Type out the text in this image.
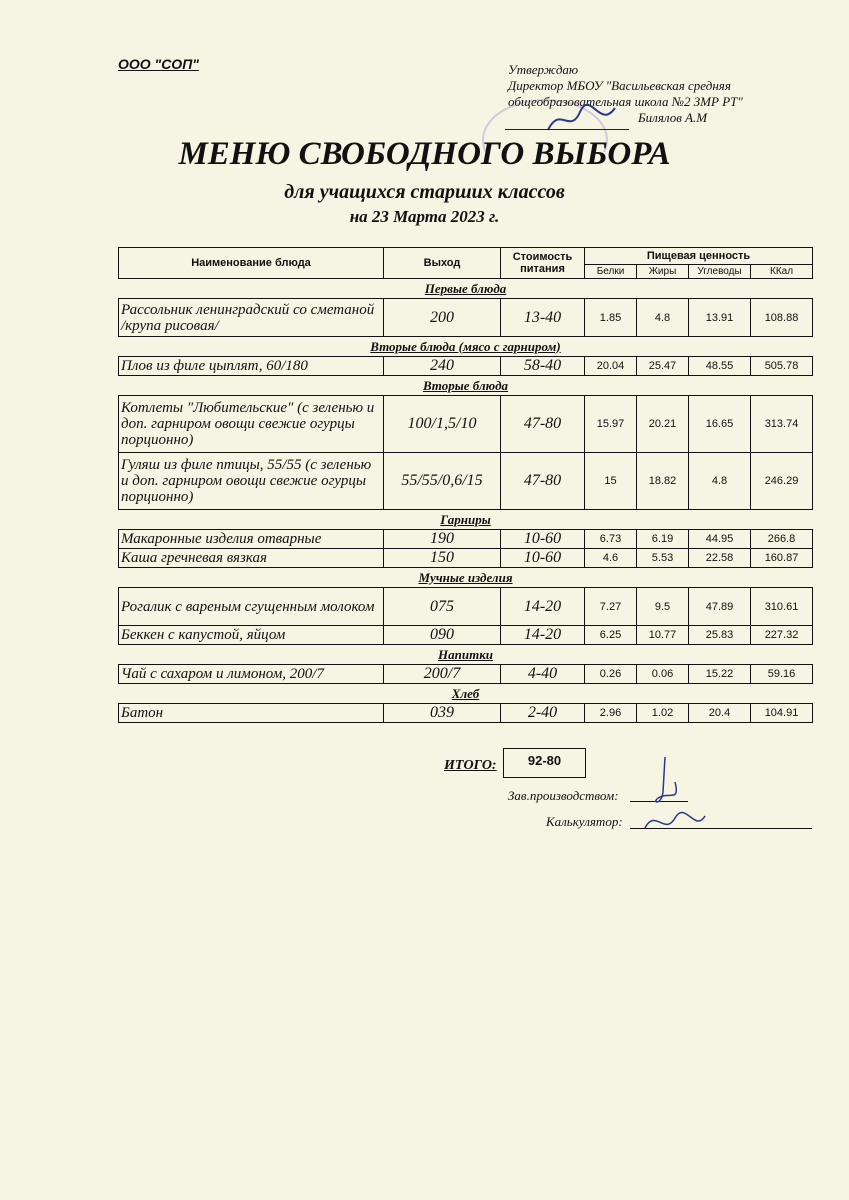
ООО "СОП"	Утверждаю
Директор МБОУ "Васильевская средняя
общеобразовательная школа №2 ЗМР РТ"
Билялов А.М
МЕНЮ СВОБОДНОГО ВЫБОРА
для учащихся старших классов
на 23 Марта 2023 г.
Наименование блюда	Выход	Стоимость питания	Пищевая ценность			
			Белки	Жиры	Углеводы	ККал
Первые блюда						
Рассольник ленинградский со сметаной /крупа рисовая/	200	13-40	1.85	4.8	13.91	108.88
Вторые блюда (мясо с гарниром)						
Плов из филе цыплят, 60/180	240	58-40	20.04	25.47	48.55	505.78
Вторые блюда						
Котлеты "Любительские" (с зеленью и доп. гарниром овощи свежие огурцы порционно)	100/1,5/10	47-80	15.97	20.21	16.65	313.74
Гуляш из филе птицы, 55/55 (с зеленью и доп. гарниром овощи свежие огурцы порционно)	55/55/0,6/15	47-80	15	18.82	4.8	246.29
Гарниры						
Макаронные изделия отварные	190	10-60	6.73	6.19	44.95	266.8
Каша гречневая вязкая	150	10-60	4.6	5.53	22.58	160.87
Мучные изделия						
Рогалик с вареным сгущенным молоком	075	14-20	7.27	9.5	47.89	310.61
Беккен с капустой, яйцом	090	14-20	6.25	10.77	25.83	227.32
Напитки						
Чай с сахаром и лимоном, 200/7	200/7	4-40	0.26	0.06	15.22	59.16
Хлеб						
Батон	039	2-40	2.96	1.02	20.4	104.91
ИТОГО:	92-80
Зав.производством:
Калькулятор:
